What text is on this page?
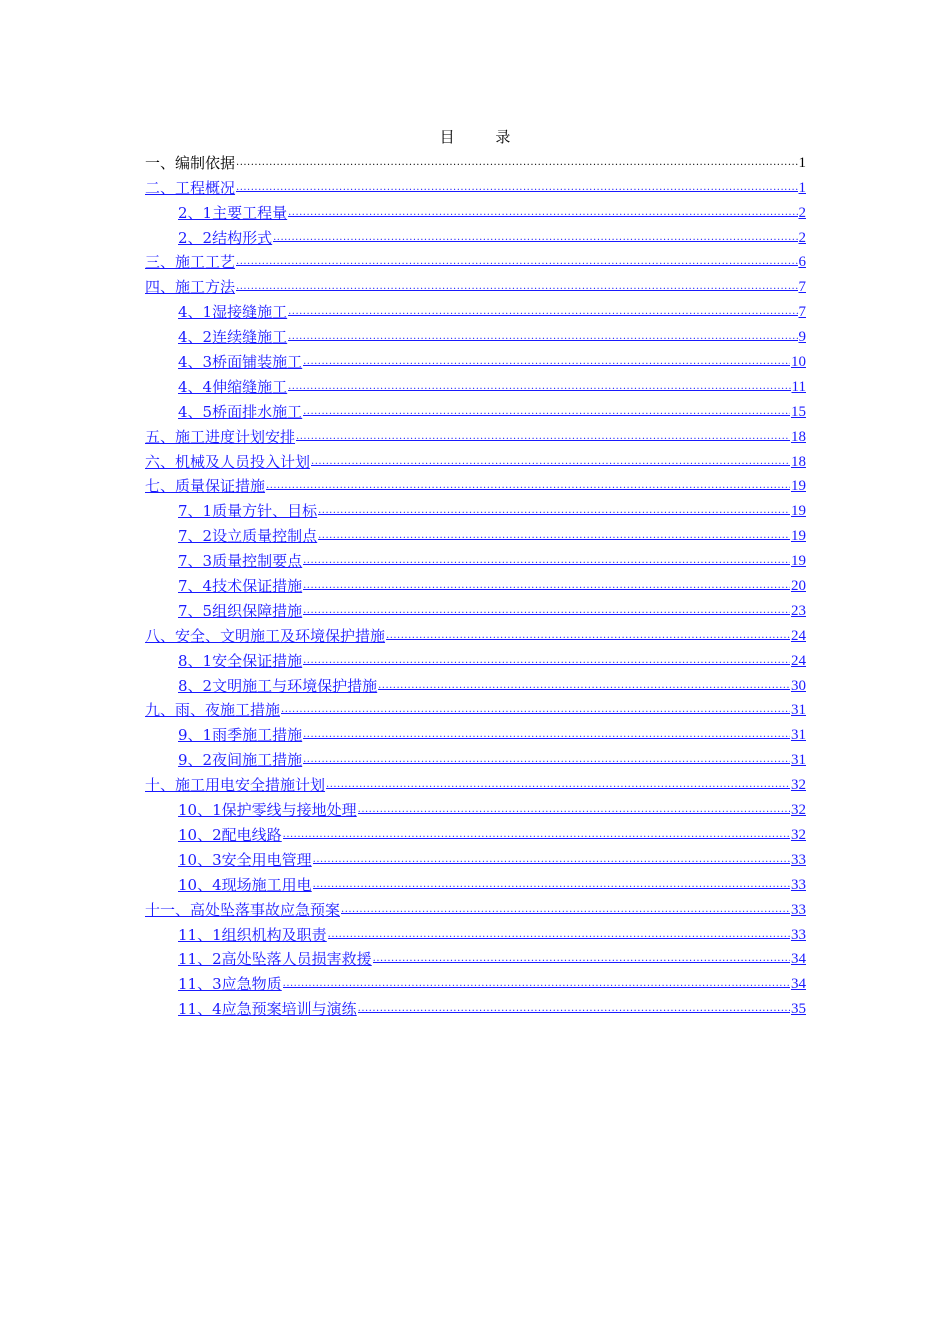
目 录
一、编制依据 .....	1
二、工程概况 .....	1
2、1主要工程量 .....	2
2、2结构形式 .....	2
三、施工工艺 .....	6
四、施工方法 .....	7
4、1湿接缝施工 .....	7
4、2连续缝施工 .....	9
4、3桥面铺装施工 .....	10
4、4伸缩缝施工 .....	11
4、5桥面排水施工 .....	15
五、施工进度计划安排 .....	18
六、机械及人员投入计划 .....	18
七、质量保证措施 .....	19
7、1质量方针、目标 .....	19
7、2设立质量控制点 .....	19
7、3质量控制要点 .....	19
7、4技术保证措施 .....	20
7、5组织保障措施 .....	23
八、安全、文明施工及环境保护措施 .....	24
8、1安全保证措施 .....	24
8、2文明施工与环境保护措施 .....	30
九、雨、夜施工措施 .....	31
9、1雨季施工措施 .....	31
9、2夜间施工措施 .....	31
十、施工用电安全措施计划 .....	32
10、1保护零线与接地处理 .....	32
10、2配电线路 .....	32
10、3安全用电管理 .....	33
10、4现场施工用电 .....	33
十一、高处坠落事故应急预案 .....	33
11、1组织机构及职责 .....	33
11、2高处坠落人员损害救援 .....	34
11、3应急物质 .....	34
11、4应急预案培训与演练 .....	35
